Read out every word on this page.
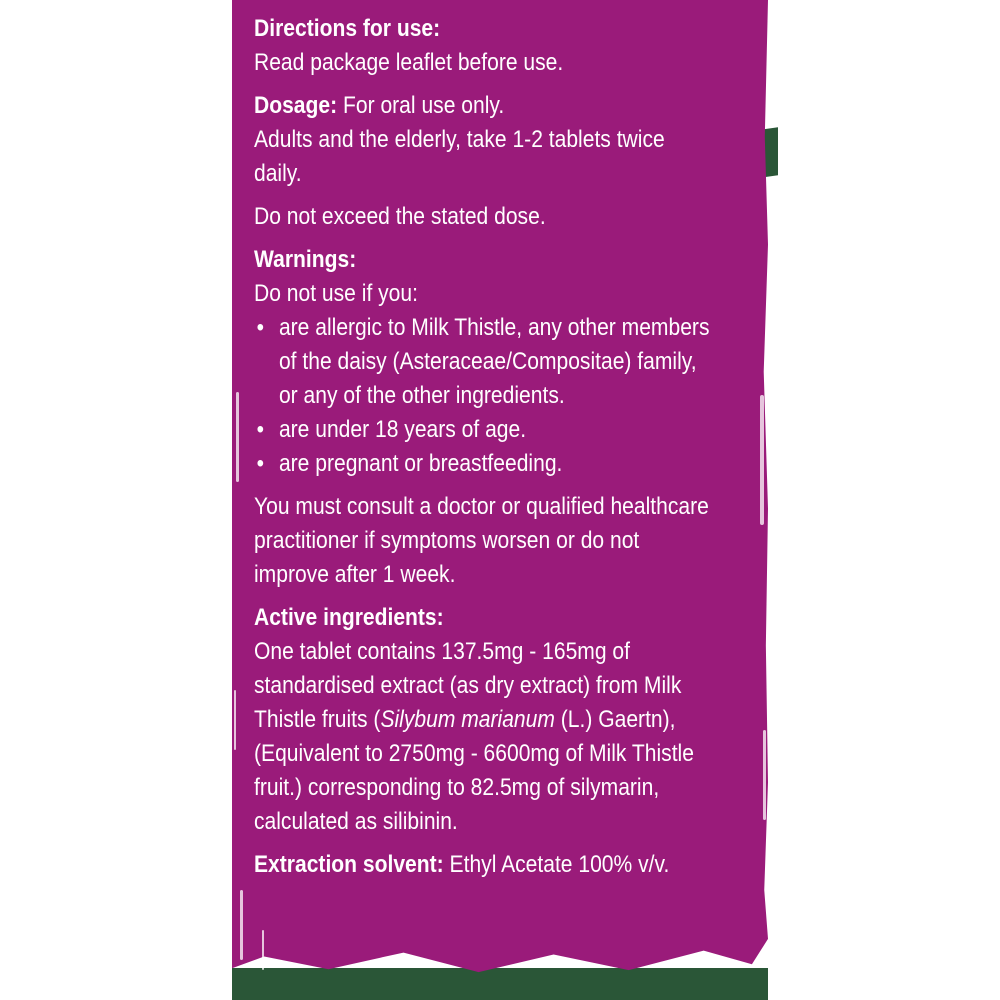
Directions for use:

Read package leaflet before use.

Dosage: For oral use only.

Adults and the elderly, take 1-2 tablets twice

daily.

Do not exceed the stated dose.

Warnings:

Do not use if you:

• are allergic to Milk Thistle, any other members
of the daisy (Asteraceae/Compositae) family,
or any of the other ingredients.
• are under 18 years of age.
• are pregnant or breastfeeding.

You must consult a doctor or qualified healthcare
practitioner if symptoms worsen or do not
improve after 1 week.

Active ingredients:

One tablet contains 137.5mg - 165mg of

standardised extract (as dry extract) from Milk

Thistle fruits (Silybum marianum (L.) Gaertn),

(Equivalent to 2750mg - 6600mg of Milk Thistle

fruit.) corresponding to 82.5mg of silymarin,

calculated as silibinin.

Extraction solvent: Ethyl Acetate 100% v/v.
